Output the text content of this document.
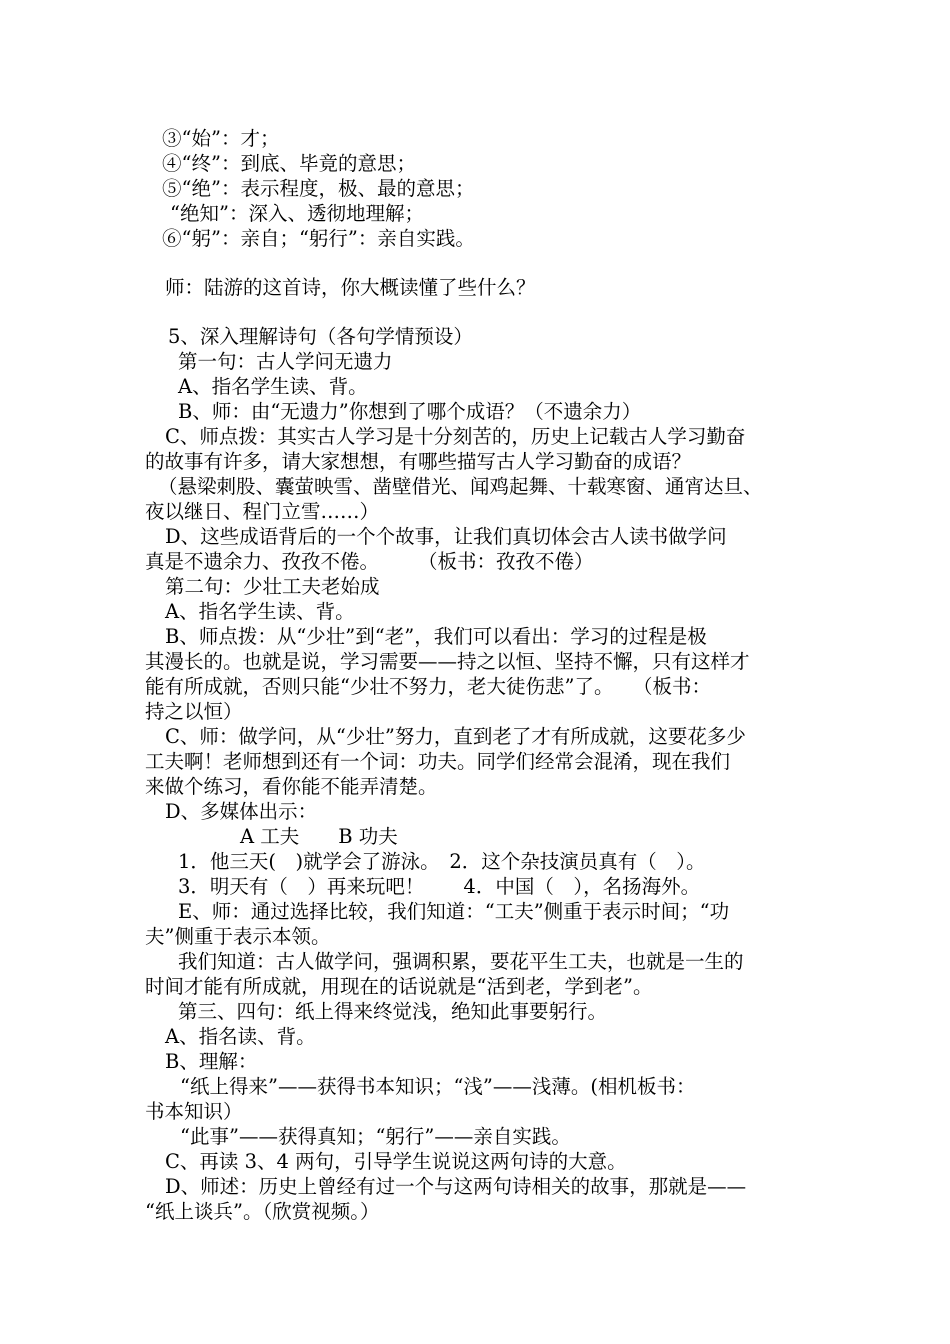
③“始”：才；
④“终”：到底、毕竟的意思；
⑤“绝”：表示程度，极、最的意思；
“绝知”：深入、透彻地理解；
⑥“躬”：亲自；“躬行”：亲自实践。
师：陆游的这首诗，你大概读懂了些什么？
5、深入理解诗句（各句学情预设）
第一句：古人学问无遗力
A、指名学生读、背。
B、师：由“无遗力”你想到了哪个成语？（不遗余力）
C、师点拨：其实古人学习是十分刻苦的，历史上记载古人学习勤奋
的故事有许多，请大家想想，有哪些描写古人学习勤奋的成语？
（悬梁刺股、囊萤映雪、凿壁借光、闻鸡起舞、十载寒窗、通宵达旦、
夜以继日、程门立雪……）
D、这些成语背后的一个个故事，让我们真切体会古人读书做学问
真是不遗余力、孜孜不倦。　　　（板书：孜孜不倦）
第二句：少壮工夫老始成
A、指名学生读、背。
B、师点拨：从“少壮”到“老”，我们可以看出：学习的过程是极
其漫长的。也就是说，学习需要——持之以恒、坚持不懈，只有这样才
能有所成就，否则只能“少壮不努力，老大徒伤悲”了。　　（板书：
持之以恒）
C、师：做学问，从“少壮”努力，直到老了才有所成就，这要花多少
工夫啊！老师想到还有一个词：功夫。同学们经常会混淆，现在我们
来做个练习，看你能不能弄清楚。
D、多媒体出示：
A 工夫　　B 功夫
1．他三天(　)就学会了游泳。　2．这个杂技演员真有（　）。
3．明天有（　）再来玩吧！　　4．中国（　），名扬海外。
E、师：通过选择比较，我们知道：“工夫”侧重于表示时间；“功
夫”侧重于表示本领。
我们知道：古人做学问，强调积累，要花平生工夫，也就是一生的
时间才能有所成就，用现在的话说就是“活到老，学到老”。
第三、四句：纸上得来终觉浅，绝知此事要躬行。
A、指名读、背。
B、理解：
“纸上得来”——获得书本知识；“浅”——浅薄。(相机板书：
书本知识）
“此事”——获得真知；“躬行”——亲自实践。
C、再读 3、4 两句，引导学生说说这两句诗的大意。
D、师述：历史上曾经有过一个与这两句诗相关的故事，那就是——
“纸上谈兵”。（欣赏视频。）
